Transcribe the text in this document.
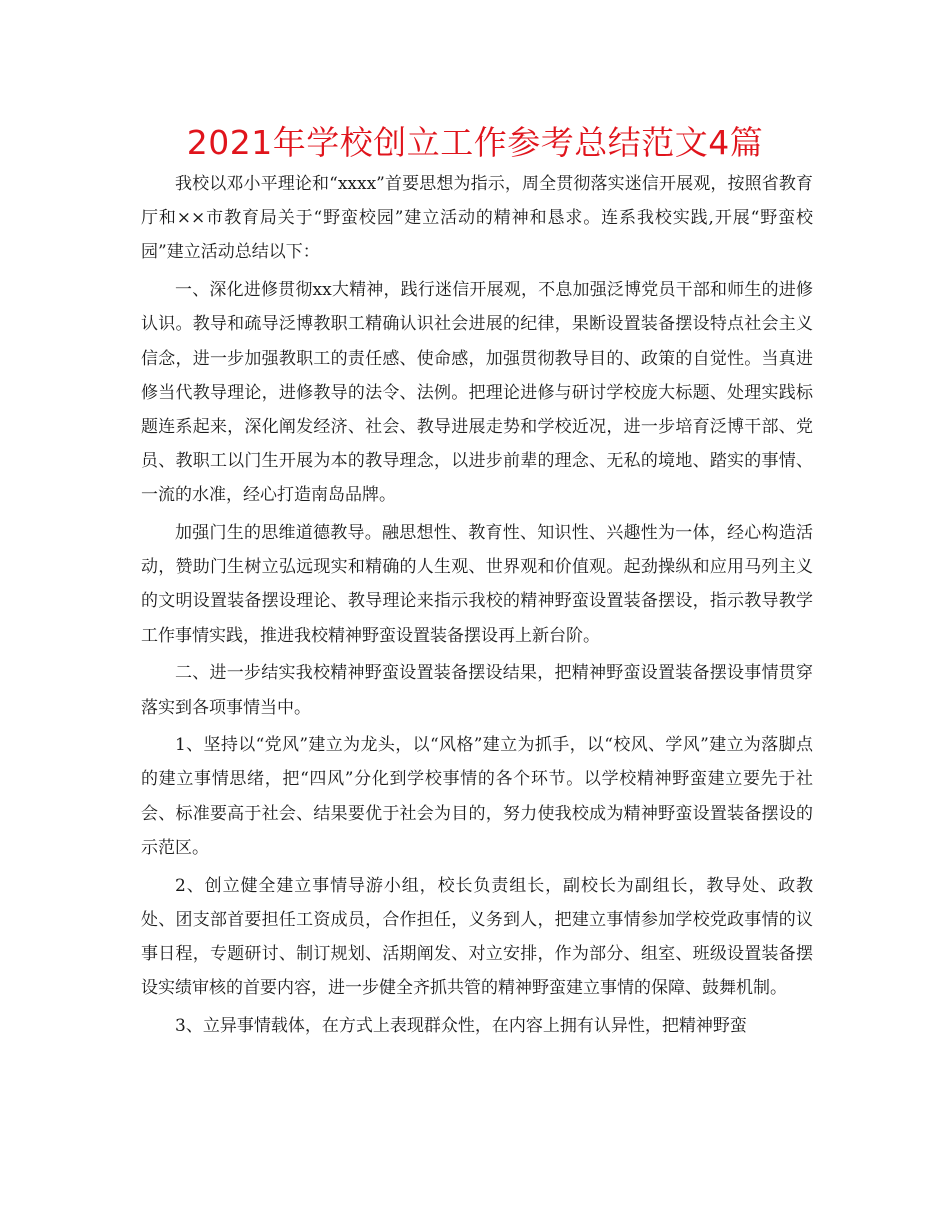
2021年学校创立工作参考总结范文4篇

我校以邓小平理论和“xxxx”首要思想为指示，周全贯彻落实迷信开展观，按照省教育厅和××市教育局关于“野蛮校园”建立活动的精神和恳求。连系我校实践,开展“野蛮校园”建立活动总结以下：

一、深化进修贯彻xx大精神，践行迷信开展观，不息加强泛博党员干部和师生的进修认识。教导和疏导泛博教职工精确认识社会进展的纪律，果断设置装备摆设特点社会主义信念，进一步加强教职工的责任感、使命感，加强贯彻教导目的、政策的自觉性。当真进修当代教导理论，进修教导的法令、法例。把理论进修与研讨学校庞大标题、处理实践标题连系起来，深化阐发经济、社会、教导进展走势和学校近况，进一步培育泛博干部、党员、教职工以门生开展为本的教导理念，以进步前辈的理念、无私的境地、踏实的事情、一流的水准，经心打造南岛品牌。

加强门生的思维道德教导。融思想性、教育性、知识性、兴趣性为一体，经心构造活动，赞助门生树立弘远现实和精确的人生观、世界观和价值观。起劲操纵和应用马列主义的文明设置装备摆设理论、教导理论来指示我校的精神野蛮设置装备摆设，指示教导教学工作事情实践，推进我校精神野蛮设置装备摆设再上新台阶。

二、进一步结实我校精神野蛮设置装备摆设结果，把精神野蛮设置装备摆设事情贯穿落实到各项事情当中。

1、坚持以“党风”建立为龙头，以“风格”建立为抓手，以“校风、学风”建立为落脚点的建立事情思绪，把“四风”分化到学校事情的各个环节。以学校精神野蛮建立要先于社会、标准要高于社会、结果要优于社会为目的，努力使我校成为精神野蛮设置装备摆设的示范区。

2、创立健全建立事情导游小组，校长负责组长，副校长为副组长，教导处、政教处、团支部首要担任工资成员，合作担任，义务到人，把建立事情参加学校党政事情的议事日程，专题研讨、制订规划、活期阐发、对立安排，作为部分、组室、班级设置装备摆设实绩审核的首要内容，进一步健全齐抓共管的精神野蛮建立事情的保障、鼓舞机制。

3、立异事情载体，在方式上表现群众性，在内容上拥有认异性，把精神野蛮
